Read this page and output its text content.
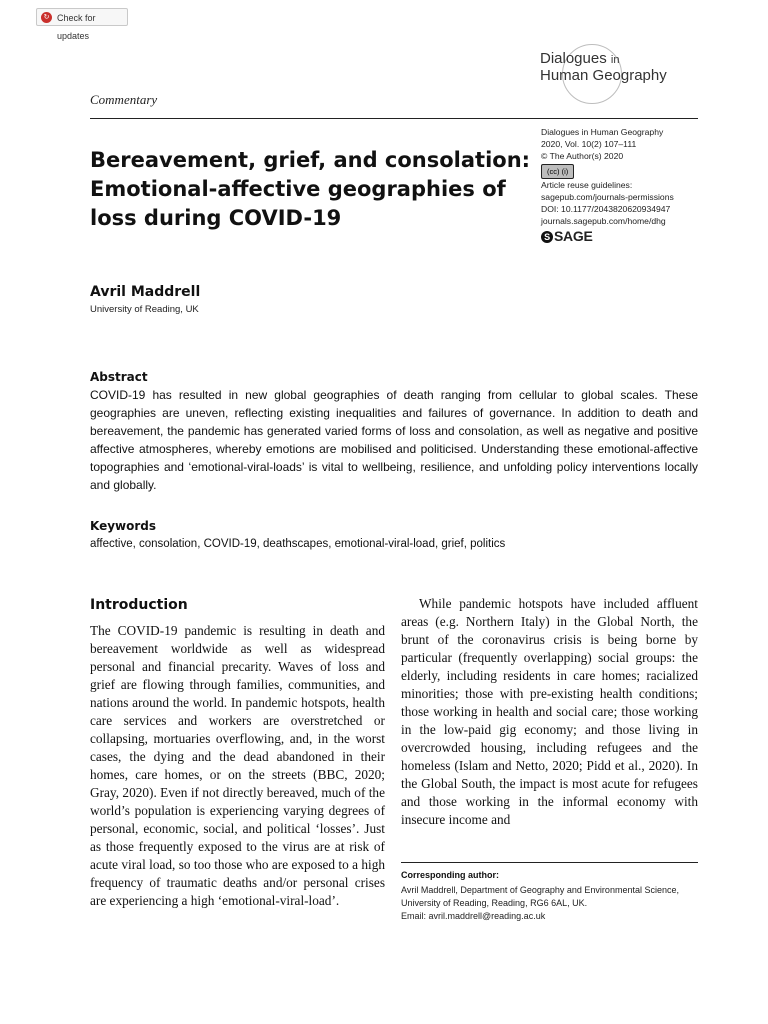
↻ Check for updates
Dialogues in
Human Geography
Commentary
Bereavement, grief, and consolation: Emotional-affective geographies of loss during COVID-19
Dialogues in Human Geography
2020, Vol. 10(2) 107–111
© The Author(s) 2020
(cc) (i)
Article reuse guidelines:
sagepub.com/journals-permissions
DOI: 10.1177/2043820620934947
journals.sagepub.com/home/dhg
S SAGE
Avril Maddrell
University of Reading, UK
Abstract

COVID-19 has resulted in new global geographies of death ranging from cellular to global scales. These geographies are uneven, reflecting existing inequalities and failures of governance. In addition to death and bereavement, the pandemic has generated varied forms of loss and consolation, as well as negative and positive affective atmospheres, whereby emotions are mobilised and politicised. Understanding these emotional-affective topographies and ‘emotional-viral-loads’ is vital to wellbeing, resilience, and unfolding policy interventions locally and globally.

Keywords
affective, consolation, COVID-19, deathscapes, emotional-viral-load, grief, politics
Introduction

The COVID-19 pandemic is resulting in death and bereavement worldwide as well as widespread personal and financial precarity. Waves of loss and grief are flowing through families, communities, and nations around the world. In pandemic hotspots, health care services and workers are overstretched or collapsing, mortuaries overflowing, and, in the worst cases, the dying and the dead abandoned in their homes, care homes, or on the streets (BBC, 2020; Gray, 2020). Even if not directly bereaved, much of the world’s population is experiencing varying degrees of personal, economic, social, and political ‘losses’. Just as those frequently exposed to the virus are at risk of acute viral load, so too those who are exposed to a high frequency of traumatic deaths and/or personal crises are experiencing a high ‘emotional-viral-load’.

While pandemic hotspots have included affluent areas (e.g. Northern Italy) in the Global North, the brunt of the coronavirus crisis is being borne by particular (frequently overlapping) social groups: the elderly, including residents in care homes; racialized minorities; those with pre-existing health conditions; those working in health and social care; those working in the low-paid gig economy; and those living in overcrowded housing, including refugees and the homeless (Islam and Netto, 2020; Pidd et al., 2020). In the Global South, the impact is most acute for refugees and those working in the informal economy with insecure income and

Corresponding author:
Avril Maddrell, Department of Geography and Environmental Science, University of Reading, Reading, RG6 6AL, UK.
Email: avril.maddrell@reading.ac.uk
